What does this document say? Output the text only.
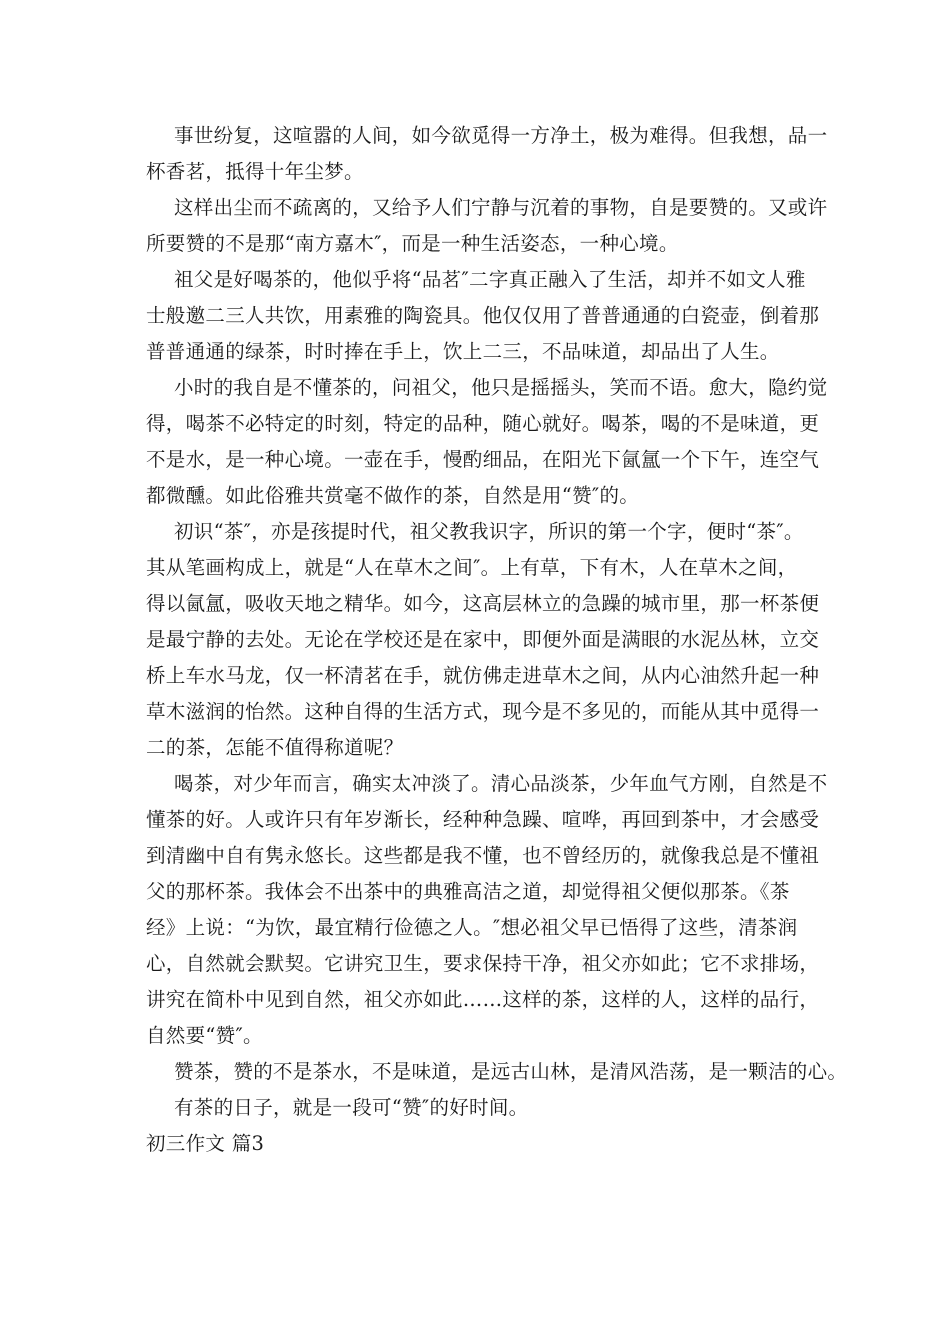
事世纷复，这喧嚣的人间，如今欲觅得一方净土，极为难得。但我想，品一
杯香茗，抵得十年尘梦。
这样出尘而不疏离的，又给予人们宁静与沉着的事物，自是要赞的。又或许
所要赞的不是那“南方嘉木″，而是一种生活姿态，一种心境。
祖父是好喝茶的，他似乎将“品茗″二字真正融入了生活，却并不如文人雅
士般邀二三人共饮，用素雅的陶瓷具。他仅仅用了普普通通的白瓷壶，倒着那
普普通通的绿茶，时时捧在手上，饮上二三，不品味道，却品出了人生。
小时的我自是不懂茶的，问祖父，他只是摇摇头，笑而不语。愈大，隐约觉
得，喝茶不必特定的时刻，特定的品种，随心就好。喝茶，喝的不是味道，更
不是水，是一种心境。一壶在手，慢酌细品，在阳光下氤氲一个下午，连空气
都微醺。如此俗雅共赏毫不做作的茶，自然是用“赞″的。
初识“茶″，亦是孩提时代，祖父教我识字，所识的第一个字，便时“茶″。
其从笔画构成上，就是“人在草木之间″。上有草，下有木，人在草木之间，
得以氤氲，吸收天地之精华。如今，这高层林立的急躁的城市里，那一杯茶便
是最宁静的去处。无论在学校还是在家中，即便外面是满眼的水泥丛林，立交
桥上车水马龙，仅一杯清茗在手，就仿佛走进草木之间，从内心油然升起一种
草木滋润的怡然。这种自得的生活方式，现今是不多见的，而能从其中觅得一
二的茶，怎能不值得称道呢？
喝茶，对少年而言，确实太冲淡了。清心品淡茶，少年血气方刚，自然是不
懂茶的好。人或许只有年岁渐长，经种种急躁、喧哗，再回到茶中，才会感受
到清幽中自有隽永悠长。这些都是我不懂，也不曾经历的，就像我总是不懂祖
父的那杯茶。我体会不出茶中的典雅高洁之道，却觉得祖父便似那茶。《茶
经》上说：“为饮，最宜精行俭德之人。″想必祖父早已悟得了这些，清茶润
心，自然就会默契。它讲究卫生，要求保持干净，祖父亦如此；它不求排场，
讲究在简朴中见到自然，祖父亦如此……这样的茶，这样的人，这样的品行，
自然要“赞″。
赞茶，赞的不是茶水，不是味道，是远古山林，是清风浩荡，是一颗洁的心。
有茶的日子，就是一段可“赞″的好时间。
初三作文 篇3
